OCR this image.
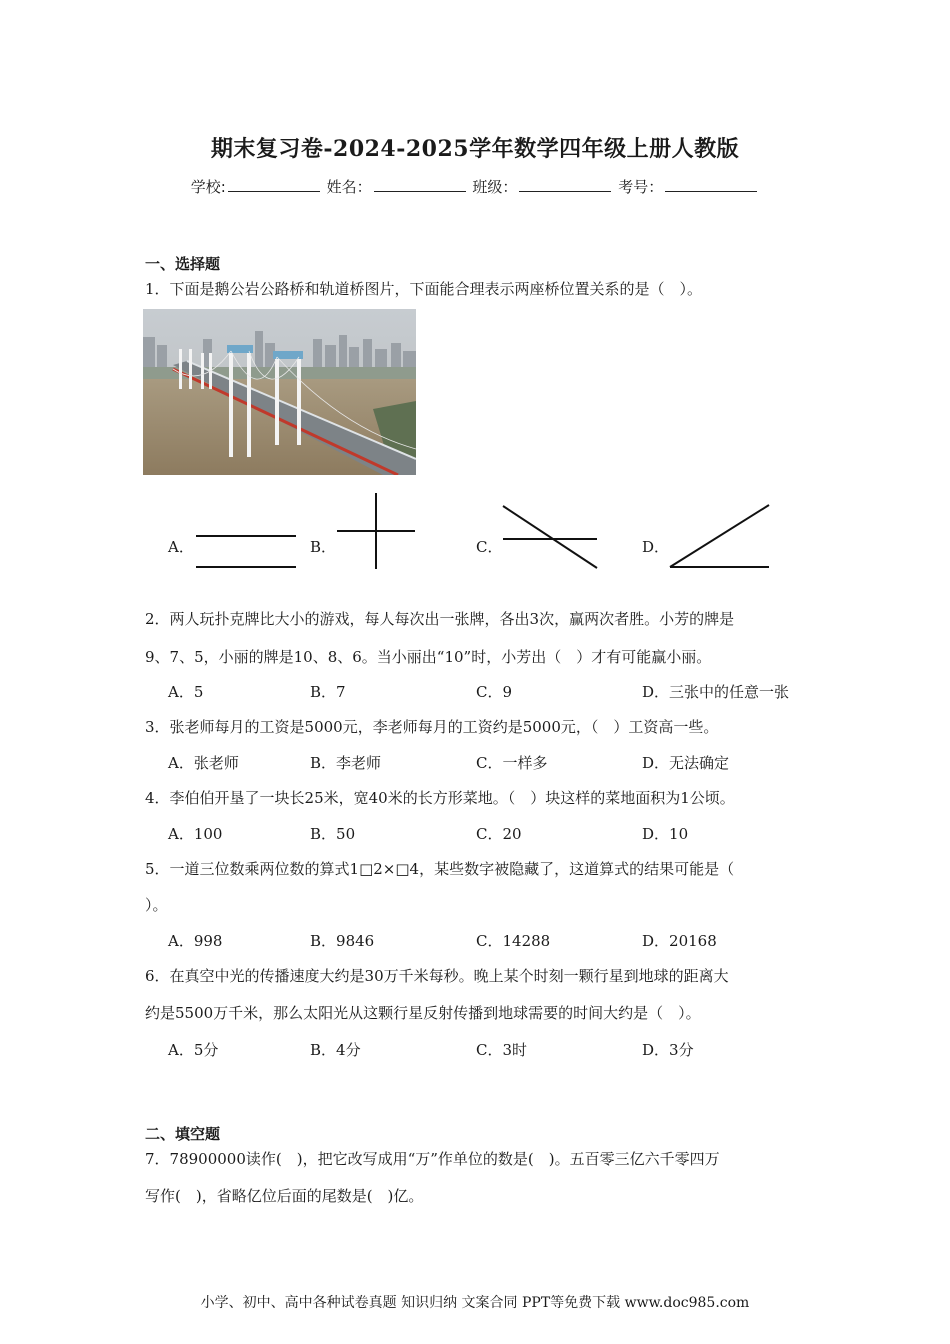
期末复习卷-2024-2025学年数学四年级上册人教版
学校:	姓名：	班级：	考号：
一、选择题
1．下面是鹅公岩公路桥和轨道桥图片，下面能合理表示两座桥位置关系的是（　）。
A．	B．	C．	D．
2．两人玩扑克牌比大小的游戏，每人每次出一张牌，各出3次，赢两次者胜。小芳的牌是
9、7、5，小丽的牌是10、8、6。当小丽出“10”时，小芳出（　）才有可能赢小丽。
A．5	B．7	C．9	D．三张中的任意一张
3．张老师每月的工资是5000元，李老师每月的工资约是5000元，（　）工资高一些。
A．张老师	B．李老师	C．一样多	D．无法确定
4．李伯伯开垦了一块长25米，宽40米的长方形菜地。（　）块这样的菜地面积为1公顷。
A．100	B．50	C．20	D．10
5．一道三位数乘两位数的算式1□2×□4，某些数字被隐藏了，这道算式的结果可能是（
）。
A．998	B．9846	C．14288	D．20168
6．在真空中光的传播速度大约是30万千米每秒。晚上某个时刻一颗行星到地球的距离大
约是5500万千米，那么太阳光从这颗行星反射传播到地球需要的时间大约是（　）。
A．5分	B．4分	C．3时	D．3分
二、填空题
7．78900000读作(　)，把它改写成用“万”作单位的数是(　)。五百零三亿六千零四万
写作(　)，省略亿位后面的尾数是(　)亿。
小学、初中、高中各种试卷真题 知识归纳 文案合同 PPT等免费下载 www.doc985.com
